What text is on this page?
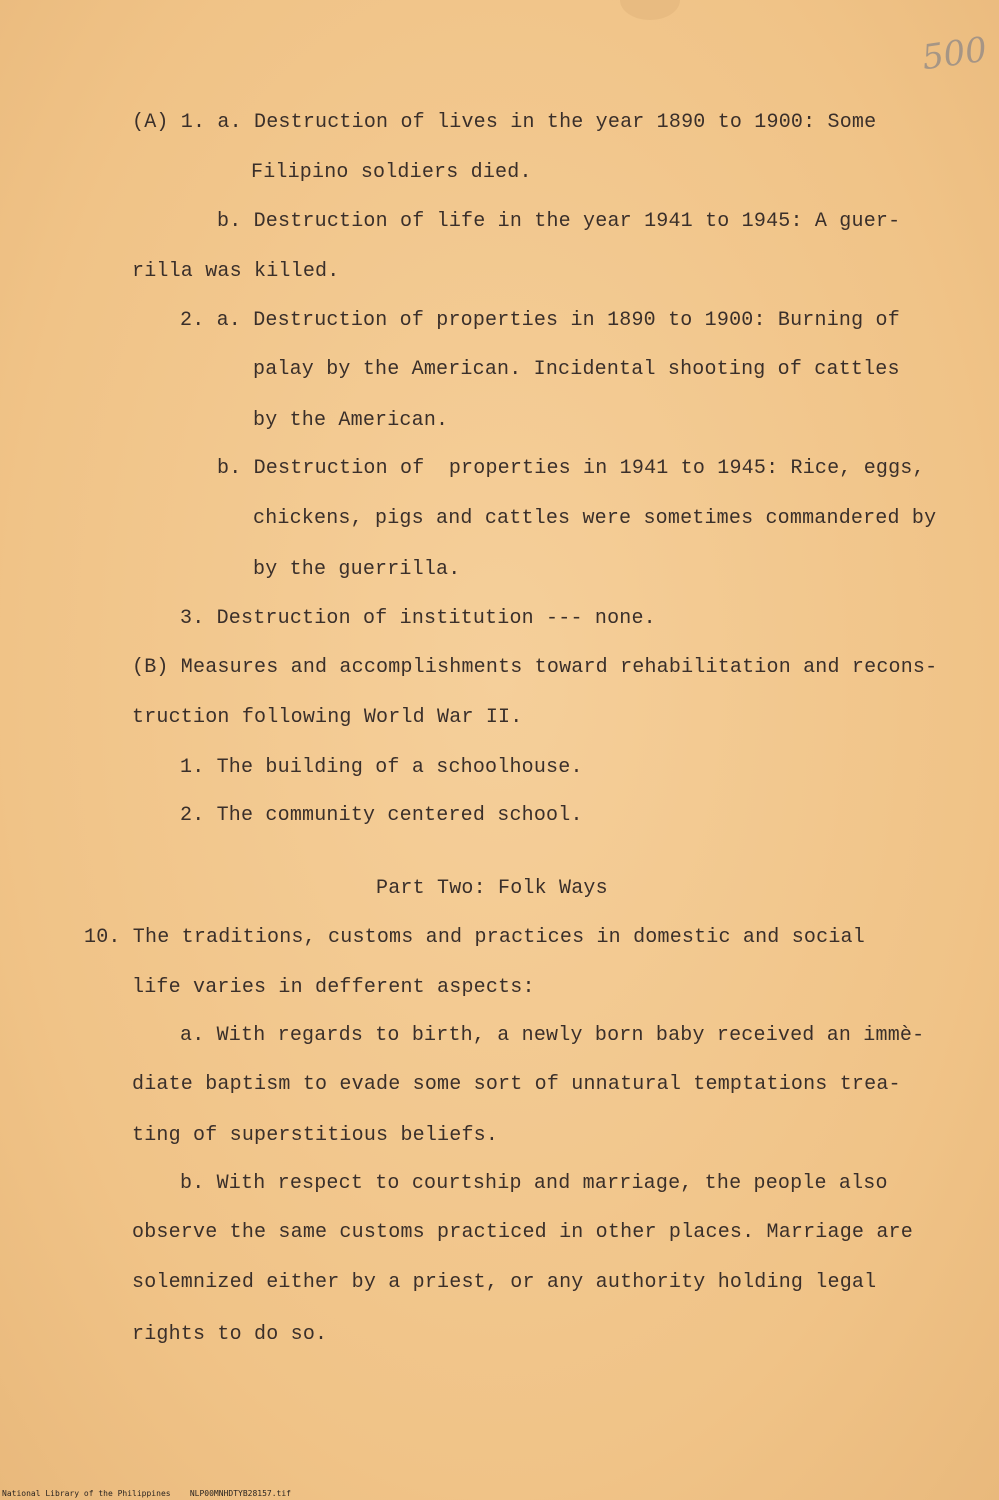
500
(A) 1. a. Destruction of lives in the year 1890 to 1900: Some
Filipino soldiers died.
b. Destruction of life in the year 1941 to 1945: A guer-
rilla was killed.
2. a. Destruction of properties in 1890 to 1900: Burning of
palay by the American. Incidental shooting of cattles
by the American.
b. Destruction of  properties in 1941 to 1945: Rice, eggs,
chickens, pigs and cattles were sometimes commandered by
by the guerrilla.
3. Destruction of institution --- none.
(B) Measures and accomplishments toward rehabilitation and recons-
truction following World War II.
1. The building of a schoolhouse.
2. The community centered school.
Part Two: Folk Ways
10. The traditions, customs and practices in domestic and social
life varies in defferent aspects:
a. With regards to birth, a newly born baby received an immè-
diate baptism to evade some sort of unnatural temptations trea-
ting of superstitious beliefs.
b. With respect to courtship and marriage, the people also
observe the same customs practiced in other places. Marriage are
solemnized either by a priest, or any authority holding legal
rights to do so.
National Library of the Philippines    NLP00MNHDTYB28157.tif
